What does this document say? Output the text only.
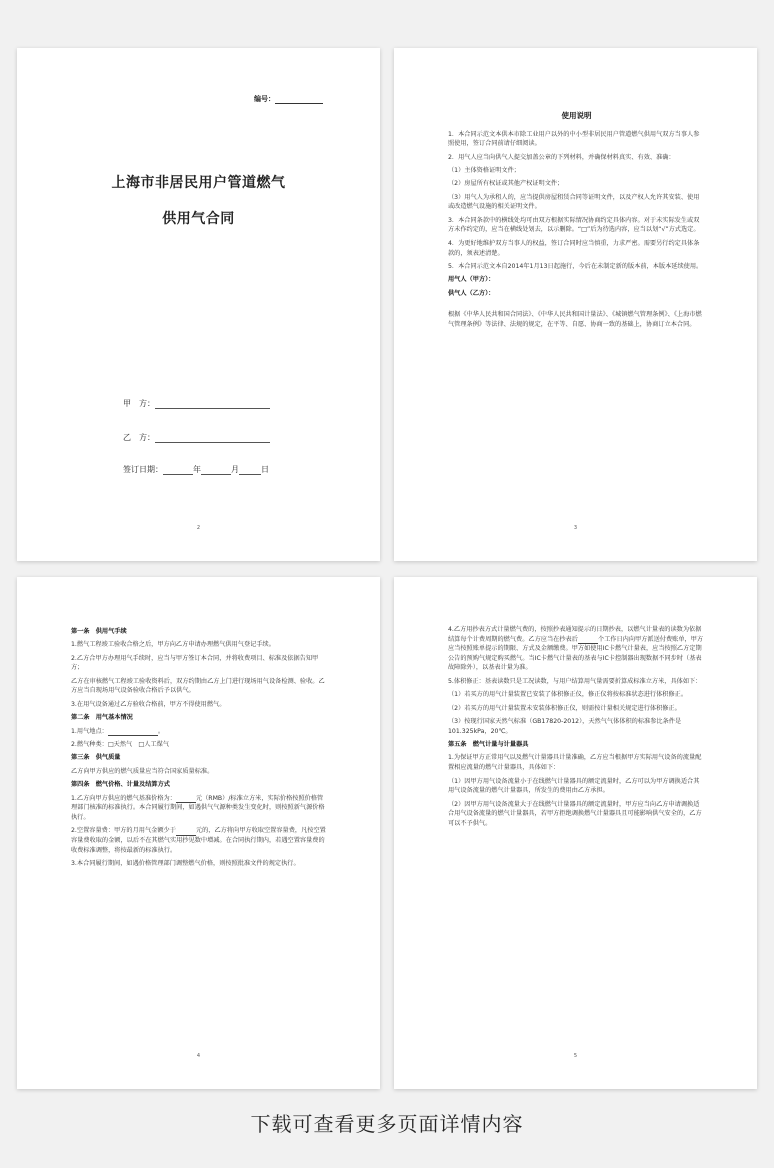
编号：
上海市非居民用户管道燃气
供用气合同
甲　方：
乙　方：
签订日期：	年	月	日
2

使用说明

1．本合同示范文本供本市除工业用户以外的中小型非居民用户管道燃气供用气双方当事人参照使用，签订合同前请仔细阅读。

2．用气人应当向供气人提交加盖公章的下列材料，并确保材料真实、有效、准确：

（1）主体资格证明文件；

（2）房屋所有权证或其他产权证明文件；

（3）用气人为承租人的，应当提供房屋租赁合同等证明文件，以及产权人允许其安装、使用或改造燃气设施的相关证明文件。

3．本合同条款中的横线处均可由双方根据实际情况协商约定具体内容。对于未实际发生或双方未作约定的，应当在横线处划去，以示删除。“□”后为待选内容，应当以划“√”方式选定。

4．为更好地维护双方当事人的权益，签订合同时应当慎重，力求严密。需要另行约定具体条款的，须表述清楚。

5．本合同示范文本自2014年1月13日起施行，今后在未制定新的版本前，本版本延续使用。

用气人（甲方）：

供气人（乙方）：

根据《中华人民共和国合同法》、《中华人民共和国计量法》、《城镇燃气管理条例》、《上海市燃气管理条例》等法律、法规的规定，在平等、自愿、协商一致的基础上，协商订立本合同。

3

第一条　供用气手续

1.燃气工程竣工验收合格之后，甲方向乙方申请办理燃气供用气登记手续。

2.乙方合甲方办理用气手续时，应当与甲方签订本合同，并将收费项目、标准及依据告知甲方；

乙方在审核燃气工程竣工验收资料后，双方约期由乙方上门进行现场用气设备检测、验收。乙方应当自现场用气设备验收合格后予以供气。

3.在用气设备通过乙方验收合格前，甲方不得使用燃气。

第二条　用气基本情况

1.用气地点：	。

2.燃气种类：□天然气　□人工煤气

第三条　供气质量

乙方向甲方供应的燃气质量应当符合国家质量标准。

第四条　燃气价格、计量及结算方式

1.乙方向甲方供应的燃气基准价格为：	元（RMB）/标准立方米，实际价格按照价格管理部门核准的标准执行。本合同履行期间，如遇供气气源种类发生变化时，则按照新气源价格执行。

2.空置容量费：甲方的月用气金额少于	元的，乙方将向甲方收取空置容量费，凡按空置容量费收取的金额，以后不在其燃气实用抄见数中增减。在合同执行期内，若遇空置容量费的收费标准调整，将按最新的标准执行。

3.本合同履行期间，如遇价格管理部门调整燃气价格，则按照批准文件的规定执行。

4

4.乙方用抄表方式计量燃气费的，按照抄表通知提示的日期抄表，以燃气计量表的读数为依据结算每个计费周期的燃气费。乙方应当在抄表后	个工作日内向甲方派送付费账单，甲方应当按照账单提示的期限、方式及金额缴费。甲方如使用IC卡燃气计量表，应当按照乙方定期公告的预购气规定购买燃气。当IC卡燃气计量表的基表与IC卡控制器出现数据不同步时（基表故障除外），以基表计量为准。

5.体积修正：基表读数只是工况读数，与用户结算用气量需要折算成标准立方米，具体如下：

（1）若买方的用气计量装置已安装了体积修正仪，修正仪将按标准状态进行体积修正。

（2）若买方的用气计量装置未安装体积修正仪，则需按计量相关规定进行体积修正。

（3）按现行国家天然气标准（GB17820-2012），天然气气体体积的标准参比条件是101.325kPa，20℃。

第五条　燃气计量与计量器具

1.为保证甲方正常用气以及燃气计量器具计量准确，乙方应当根据甲方实际用气设备的流量配置相应流量的燃气计量器具，具体如下：

（1）因甲方用气设备流量小于在线燃气计量器具的额定流量时，乙方可以为甲方调换适合其用气设备流量的燃气计量器具，所发生的费用由乙方承担。

（2）因甲方用气设备流量大于在线燃气计量器具的额定流量时，甲方应当向乙方申请调换适合用气设备流量的燃气计量器具，若甲方拒绝调换燃气计量器具且可能影响供气安全的，乙方可以不予供气。

5
下载可查看更多页面详情内容
